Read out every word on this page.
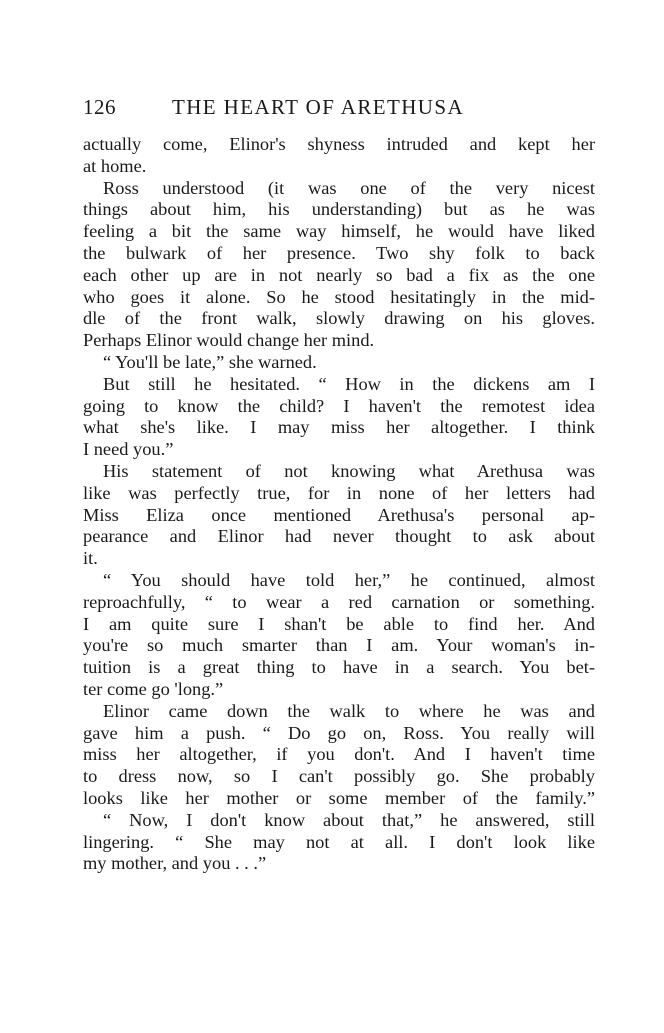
126	THE HEART OF ARETHUSA
actually come, Elinor's shyness intruded and kept her
at home.
Ross understood (it was one of the very nicest
things about him, his understanding) but as he was
feeling a bit the same way himself, he would have liked
the bulwark of her presence. Two shy folk to back
each other up are in not nearly so bad a fix as the one
who goes it alone. So he stood hesitatingly in the mid-
dle of the front walk, slowly drawing on his gloves.
Perhaps Elinor would change her mind.
“ You'll be late,” she warned.
But still he hesitated. “ How in the dickens am I
going to know the child? I haven't the remotest idea
what she's like. I may miss her altogether. I think
I need you.”
His statement of not knowing what Arethusa was
like was perfectly true, for in none of her letters had
Miss Eliza once mentioned Arethusa's personal ap-
pearance and Elinor had never thought to ask about
it.
“ You should have told her,” he continued, almost
reproachfully, “ to wear a red carnation or something.
I am quite sure I shan't be able to find her. And
you're so much smarter than I am. Your woman's in-
tuition is a great thing to have in a search. You bet-
ter come go 'long.”
Elinor came down the walk to where he was and
gave him a push. “ Do go on, Ross. You really will
miss her altogether, if you don't. And I haven't time
to dress now, so I can't possibly go. She probably
looks like her mother or some member of the family.”
“ Now, I don't know about that,” he answered, still
lingering. “ She may not at all. I don't look like
my mother, and you . . .”
